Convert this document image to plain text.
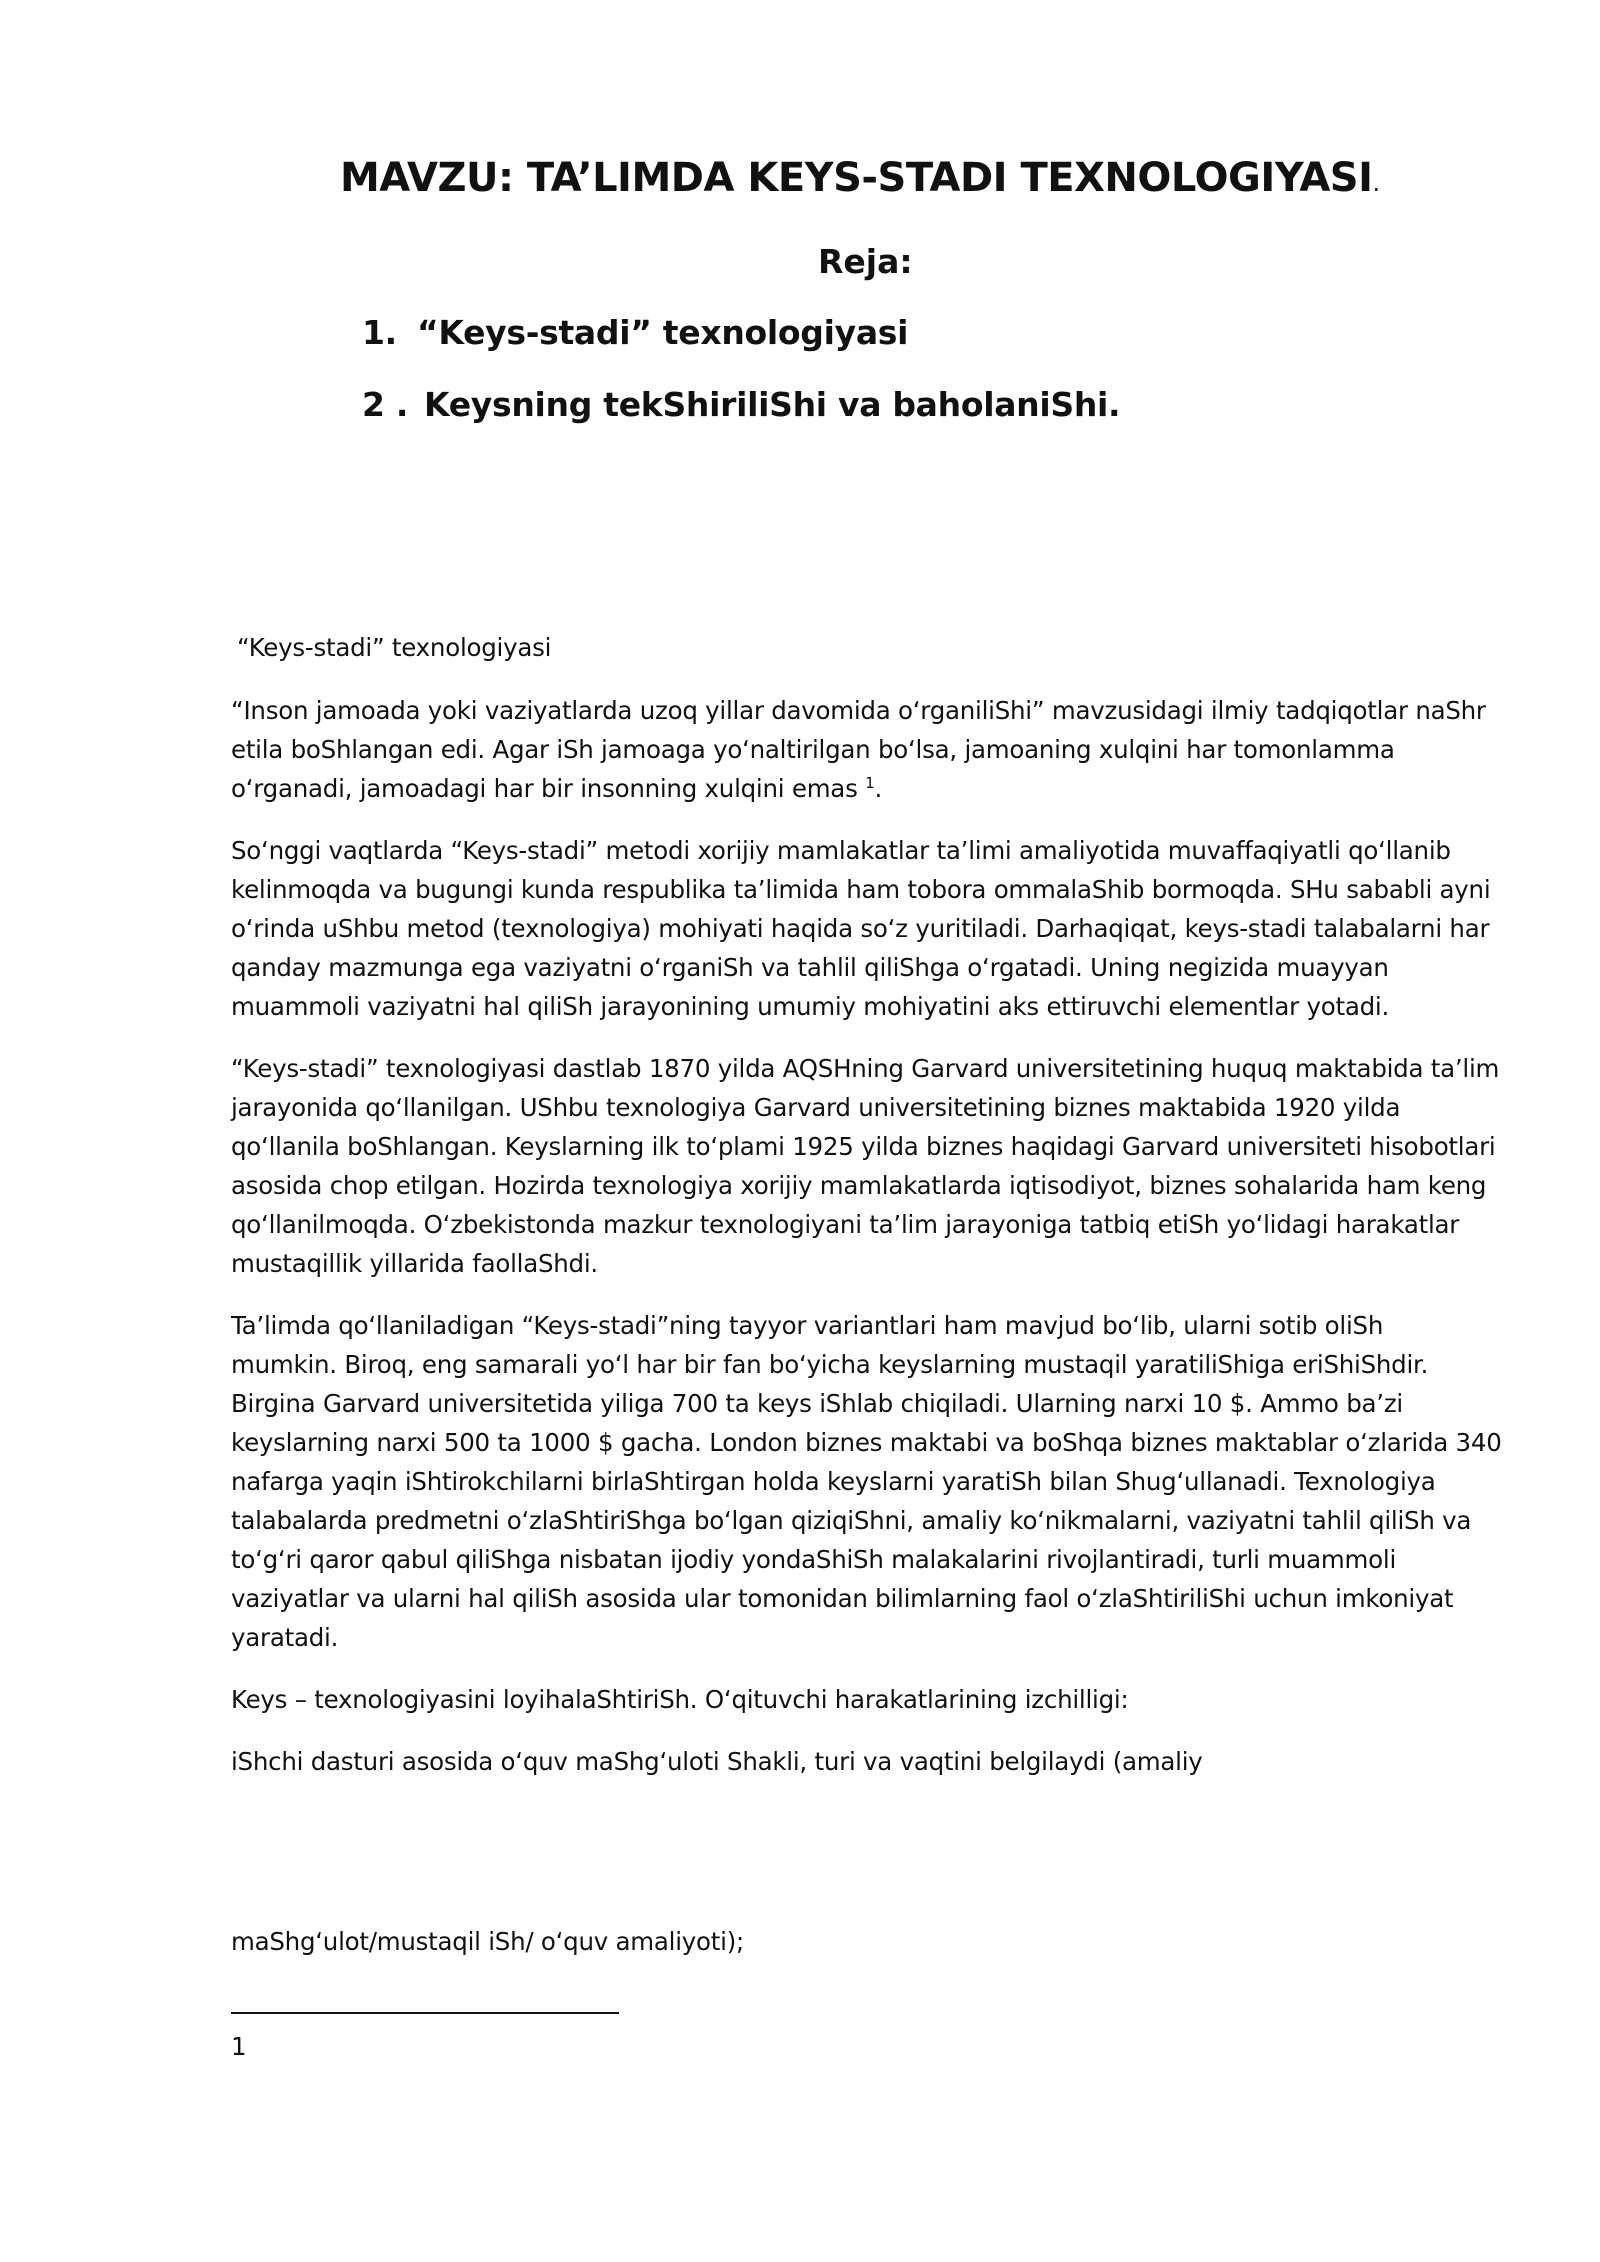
MAVZU: TA’LIMDA KEYS-STADI TEXNOLOGIYASI.
Reja:
1. “Keys-stadi” texnologiyasi
2 . Keysning tekShiriliShi va baholaniShi.
“Keys-stadi” texnologiyasi
“Inson jamoada yoki vaziyatlarda uzoq yillar davomida oʻrganiliShi” mavzusidagi ilmiy tadqiqotlar naShr
etila boShlangan edi. Agar iSh jamoaga yoʻnaltirilgan boʻlsa, jamoaning xulqini har tomonlamma
oʻrganadi, jamoadagi har bir insonning xulqini emas $^1$.
Soʻnggi vaqtlarda “Keys-stadi” metodi xorijiy mamlakatlar ta’limi amaliyotida muvaffaqiyatli qoʻllanib
kelinmoqda va bugungi kunda respublika ta’limida ham tobora ommalaShib bormoqda. SHu sababli ayni
oʻrinda uShbu metod (texnologiya) mohiyati haqida soʻz yuritiladi. Darhaqiqat, keys-stadi talabalarni har
qanday mazmunga ega vaziyatni oʻrganiSh va tahlil qiliShga oʻrgatadi. Uning negizida muayyan
muammoli vaziyatni hal qiliSh jarayonining umumiy mohiyatini aks ettiruvchi elementlar yotadi.
“Keys-stadi” texnologiyasi dastlab 1870 yilda AQSHning Garvard universitetining huquq maktabida ta’lim
jarayonida qoʻllanilgan. UShbu texnologiya Garvard universitetining biznes maktabida 1920 yilda
qoʻllanila boShlangan. Keyslarning ilk toʻplami 1925 yilda biznes haqidagi Garvard universiteti hisobotlari
asosida chop etilgan. Hozirda texnologiya xorijiy mamlakatlarda iqtisodiyot, biznes sohalarida ham keng
qoʻllanilmoqda. Oʻzbekistonda mazkur texnologiyani ta’lim jarayoniga tatbiq etiSh yoʻlidagi harakatlar
mustaqillik yillarida faollaShdi.
Ta’limda qoʻllaniladigan “Keys-stadi”ning tayyor variantlari ham mavjud boʻlib, ularni sotib oliSh
mumkin. Biroq, eng samarali yoʻl har bir fan boʻyicha keyslarning mustaqil yaratiliShiga eriShiShdir.
Birgina Garvard universitetida yiliga 700 ta keys iShlab chiqiladi. Ularning narxi 10 $. Ammo ba’zi
keyslarning narxi 500 ta 1000 $ gacha. London biznes maktabi va boShqa biznes maktablar oʻzlarida 340
nafarga yaqin iShtirokchilarni birlaShtirgan holda keyslarni yaratiSh bilan Shugʻullanadi. Texnologiya
talabalarda predmetni oʻzlaShtiriShga boʻlgan qiziqiShni, amaliy koʻnikmalarni, vaziyatni tahlil qiliSh va
toʻgʻri qaror qabul qiliShga nisbatan ijodiy yondaShiSh malakalarini rivojlantiradi, turli muammoli
vaziyatlar va ularni hal qiliSh asosida ular tomonidan bilimlarning faol oʻzlaShtiriliShi uchun imkoniyat
yaratadi.
Keys – texnologiyasini loyihalaShtiriSh. Oʻqituvchi harakatlarining izchilligi:
iShchi dasturi asosida oʻquv maShgʻuloti Shakli, turi va vaqtini belgilaydi (amaliy
maShgʻulot/mustaqil iSh/ oʻquv amaliyoti);
1
